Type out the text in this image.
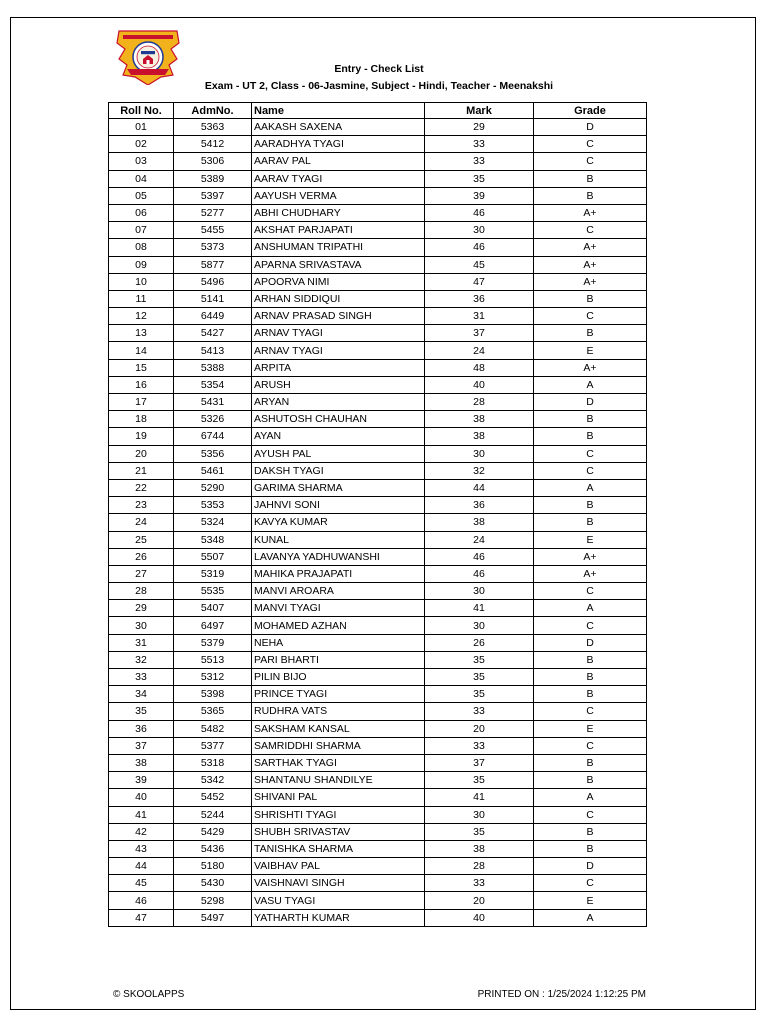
Entry - Check List
Exam - UT 2, Class - 06-Jasmine, Subject - Hindi, Teacher - Meenakshi
Roll No.	AdmNo.	Name	Mark	Grade
01	5363	AAKASH SAXENA	29	D
02	5412	AARADHYA TYAGI	33	C
03	5306	AARAV PAL	33	C
04	5389	AARAV TYAGI	35	B
05	5397	AAYUSH VERMA	39	B
06	5277	ABHI CHUDHARY	46	A+
07	5455	AKSHAT PARJAPATI	30	C
08	5373	ANSHUMAN TRIPATHI	46	A+
09	5877	APARNA SRIVASTAVA	45	A+
10	5496	APOORVA NIMI	47	A+
11	5141	ARHAN SIDDIQUI	36	B
12	6449	ARNAV PRASAD SINGH	31	C
13	5427	ARNAV TYAGI	37	B
14	5413	ARNAV TYAGI	24	E
15	5388	ARPITA	48	A+
16	5354	ARUSH	40	A
17	5431	ARYAN	28	D
18	5326	ASHUTOSH CHAUHAN	38	B
19	6744	AYAN	38	B
20	5356	AYUSH PAL	30	C
21	5461	DAKSH TYAGI	32	C
22	5290	GARIMA SHARMA	44	A
23	5353	JAHNVI SONI	36	B
24	5324	KAVYA KUMAR	38	B
25	5348	KUNAL	24	E
26	5507	LAVANYA YADHUWANSHI	46	A+
27	5319	MAHIKA PRAJAPATI	46	A+
28	5535	MANVI AROARA	30	C
29	5407	MANVI TYAGI	41	A
30	6497	MOHAMED AZHAN	30	C
31	5379	NEHA	26	D
32	5513	PARI BHARTI	35	B
33	5312	PILIN BIJO	35	B
34	5398	PRINCE TYAGI	35	B
35	5365	RUDHRA VATS	33	C
36	5482	SAKSHAM KANSAL	20	E
37	5377	SAMRIDDHI SHARMA	33	C
38	5318	SARTHAK TYAGI	37	B
39	5342	SHANTANU SHANDILYE	35	B
40	5452	SHIVANI PAL	41	A
41	5244	SHRISHTI TYAGI	30	C
42	5429	SHUBH SRIVASTAV	35	B
43	5436	TANISHKA SHARMA	38	B
44	5180	VAIBHAV PAL	28	D
45	5430	VAISHNAVI SINGH	33	C
46	5298	VASU TYAGI	20	E
47	5497	YATHARTH KUMAR	40	A
© SKOOLAPPS	PRINTED ON : 1/25/2024 1:12:25 PM
